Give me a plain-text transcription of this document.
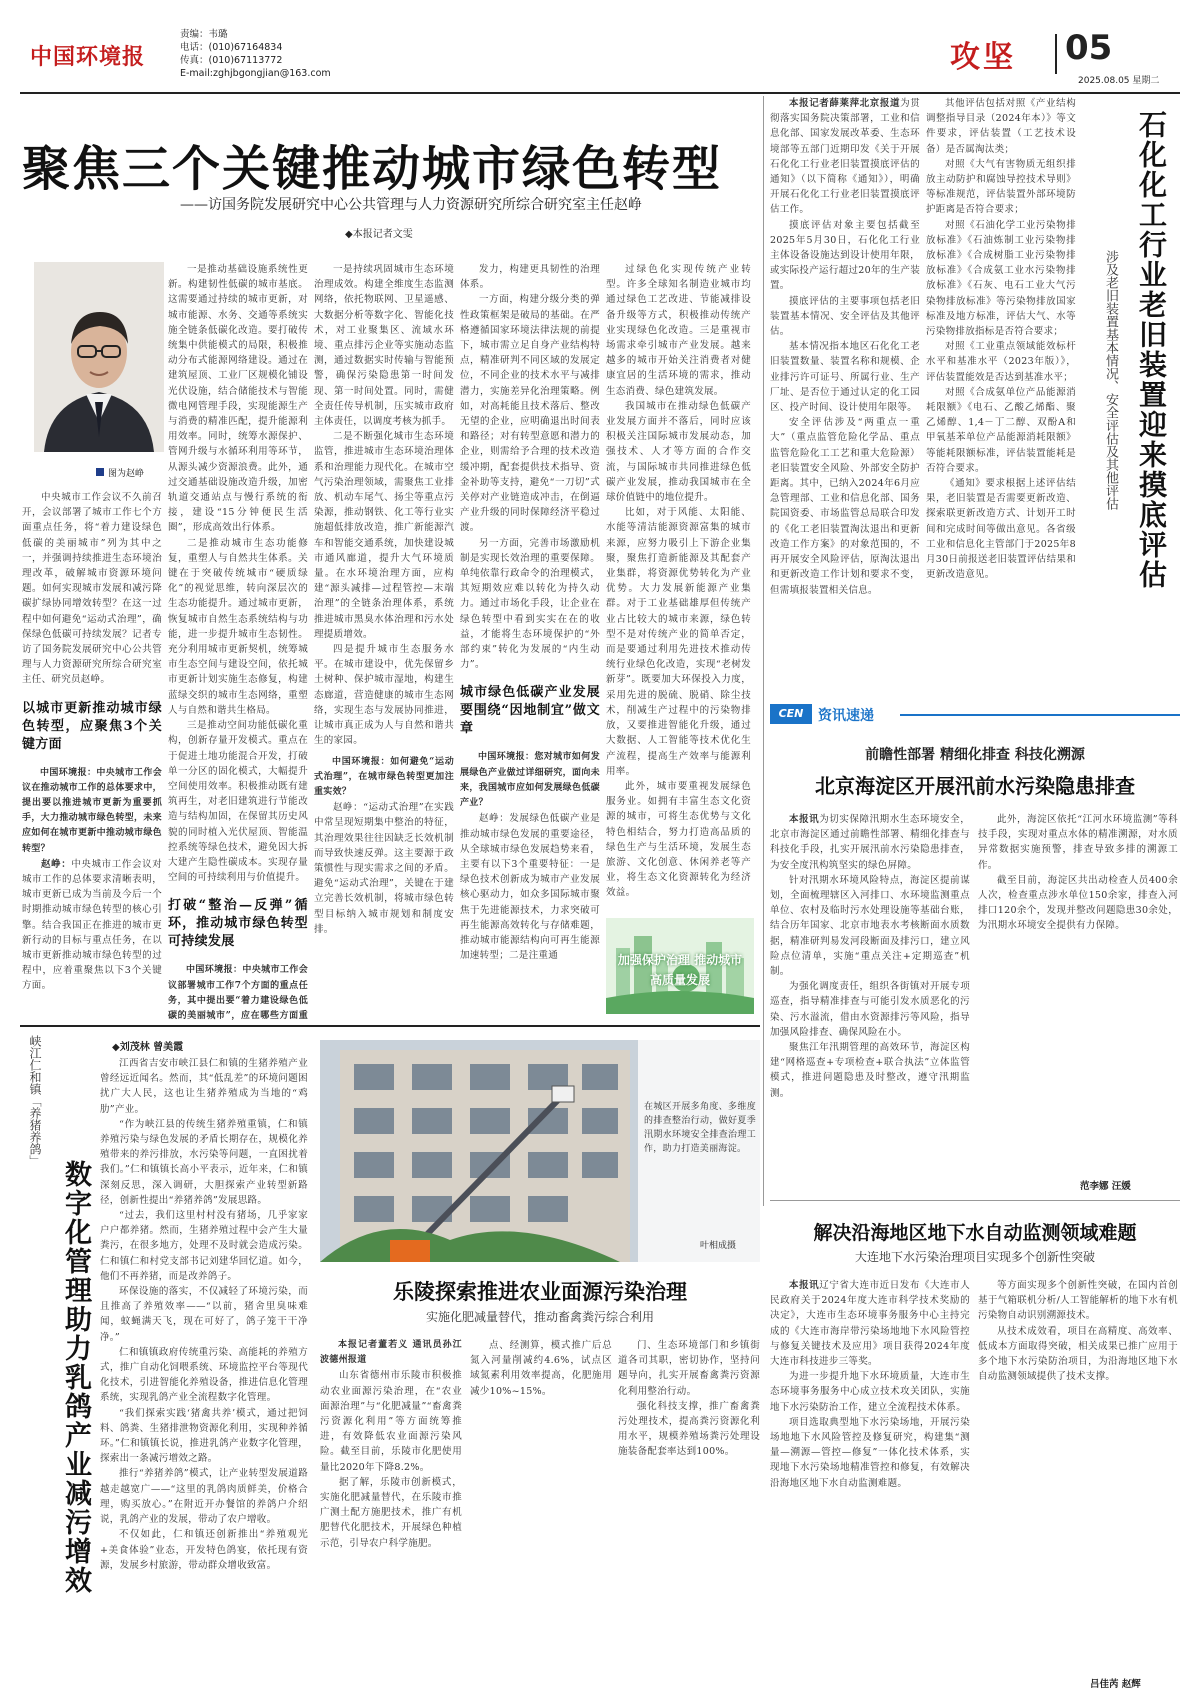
中国环境报
责编：韦璐
电话：(010)67164834
传真：(010)67113772
E-mail:zghjbgongjian@163.com	攻坚 05
2025.08.05 星期二
聚焦三个关键推动城市绿色转型
——访国务院发展研究中心公共管理与人力资源研究所综合研究室主任赵峥
◆本报记者文雯
图为赵峥

中央城市工作会议不久前召开，会议部署了城市工作七个方面重点任务，将“着力建设绿色低碳的美丽城市”列为其中之一，并强调持续推进生态环境治理改革，破解城市资源环境问题。如何实现城市发展和减污降碳扩绿协同增效转型？在这一过程中如何避免“运动式治理”，确保绿色低碳可持续发展？记者专访了国务院发展研究中心公共管理与人力资源研究所综合研究室主任、研究员赵峥。

以城市更新推动城市绿色转型，应聚焦3个关键方面

中国环境报：中央城市工作会议在推动城市工作的总体要求中，提出要以推进城市更新为重要抓手，大力推动城市绿色转型，未来应如何在城市更新中推动城市绿色转型？

赵峥：中央城市工作会议对城市工作的总体要求清晰表明，城市更新已成为当前及今后一个时期推动城市绿色转型的核心引擎。结合我国正在推进的城市更新行动的目标与重点任务，在以城市更新推动城市绿色转型的过程中，应着重聚焦以下3个关键方面。

一是推动基础设施系统性更新。构建韧性低碳的城市基底。这需要通过持续的城市更新，对城市能源、水务、交通等系统实施全链条低碳化改造。要打破传统集中供能模式的局限，积极推动分布式能源网络建设。通过在建筑屋顶、工业厂区规模化铺设光伏设施，结合储能技术与智能微电网管理手段，实现能源生产与消费的精准匹配，提升能源利用效率。同时，统筹水源保护、管网升级与水循环利用等环节，从源头减少资源浪费。此外，通过交通基础设施改造升级，加密轨道交通站点与慢行系统的衔接，建设“15分钟便民生活圈”，形成高效出行体系。

二是推动城市生态功能修复，重塑人与自然共生体系。关键在于突破传统城市“硬质绿化”的视觉思维，转向深层次的生态功能提升。通过城市更新，恢复城市自然生态系统结构与功能，进一步提升城市生态韧性。充分利用城市更新契机，统筹城市生态空间与建设空间，依托城市更新计划实施生态修复，构建蓝绿交织的城市生态网络，重塑人与自然和谐共生格局。

三是推动空间功能低碳化重构，创新存量开发模式。重点在于促进土地功能混合开发，打破单一分区的固化模式，大幅提升空间使用效率。积极推动既有建筑再生，对老旧建筑进行节能改造与结构加固，在保留其历史风貌的同时植入光伏屋顶、智能温控系统等绿色技术，避免因大拆大建产生隐性碳成本。实现存量空间的可持续利用与价值提升。

打破“整治—反弹”循环，推动城市绿色转型可持续发展

中国环境报：中央城市工作会议部署城市工作7个方面的重点任务，其中提出要“着力建设绿色低碳的美丽城市”，应在哪些方面重

一是持续巩固城市生态环境治理成效。构建全维度生态监测网络，依托物联网、卫星遥感、大数据分析等数字化、智能化技术，对工业聚集区、流域水环境、重点排污企业等实施动态监测，通过数据实时传输与智能预警，确保污染隐患第一时间发现、第一时间处置。同时，需健全责任传导机制，压实城市政府主体责任，以调度考核为抓手。

二是不断强化城市生态环境监管，推进城市生态环境治理体系和治理能力现代化。在城市空气污染治理领域，需聚焦工业排放、机动车尾气、扬尘等重点污染源，推动钢铁、化工等行业实施超低排放改造，推广新能源汽车和智能交通系统，加快建设城市通风廊道，提升大气环境质量。在水环境治理方面，应构建“源头减排—过程管控—末端治理”的全链条治理体系，系统推进城市黑臭水体治理和污水处理提质增效。

四是提升城市生态服务水平。在城市建设中，优先保留乡土树种、保护城市湿地，构建生态廊道，营造健康的城市生态网络，实现生态与发展协同推进，让城市真正成为人与自然和谐共生的家园。

中国环境报：如何避免“运动式治理”，在城市绿色转型更加注重实效？

赵峥：“运动式治理”在实践中常呈现短期集中整治的特征，其治理效果往往因缺乏长效机制而导致快速反弹。这主要源于政策惯性与现实需求之间的矛盾。避免“运动式治理”，关键在于建立完善长效机制，将城市绿色转型目标纳入城市规划和制度安排。

发力，构建更具韧性的治理体系。

一方面，构建分级分类的弹性政策框架是破局的基础。在严格遵循国家环境法律法规的前提下，城市需立足自身产业结构特点，精准研判不同区域的发展定位，不同企业的技术水平与减排潜力，实施差异化治理策略。例如，对高耗能且技术落后、整改无望的企业，应明确退出时间表和路径；对有转型意愿和潜力的企业，则需给予合理的技术改造缓冲期，配套提供技术指导、资金补助等支持，避免“一刀切”式关停对产业链造成冲击，在倒逼产业升级的同时保障经济平稳过渡。

另一方面，完善市场激励机制是实现长效治理的重要保障。单纯依靠行政命令的治理模式，其短期效应难以转化为持久动力。通过市场化手段，让企业在绿色转型中看到实实在在的收益，才能将生态环境保护的“外部约束”转化为发展的“内生动力”。

城市绿色低碳产业发展要围绕“因地制宜”做文章

中国环境报：您对城市如何发展绿色产业做过详细研究，面向未来，我国城市应如何发展绿色低碳产业？

赵峥：发展绿色低碳产业是推动城市绿色发展的重要途径，从全球城市绿色发展趋势来看，主要有以下3个重要特征：一是绿色技术创新成为城市产业发展核心驱动力，如众多国际城市聚焦于先进能源技术，力求突破可再生能源高效转化与存储难题，推动城市能源结构向可再生能源加速转型；二是注重通

过绿色化实现传统产业转型。许多全球知名制造业城市均通过绿色工艺改进、节能减排设备升级等方式，积极推动传统产业实现绿色化改造。三是重视市场需求牵引城市产业发展。越来越多的城市开始关注消费者对健康宜居的生活环境的需求，推动生态消费、绿色建筑发展。

我国城市在推动绿色低碳产业发展方面并不落后，同时应该积极关注国际城市发展动态，加强技术、人才等方面的合作交流，与国际城市共同推进绿色低碳产业发展，推动我国城市在全球价值链中的地位提升。

比如，对于风能、太阳能、水能等清洁能源资源富集的城市来源，应努力吸引上下游企业集聚，聚焦打造新能源及其配套产业集群，将资源优势转化为产业优势。大力发展新能源产业集群。对于工业基础雄厚但传统产业占比较大的城市来源，绿色转型不是对传统产业的简单否定，而是要通过利用先进技术推动传统行业绿色化改造，实现“老树发新芽”。既要加大环保投入力度，采用先进的脱硫、脱硝、除尘技术，削减生产过程中的污染物排放，又要推进智能化升级，通过大数据、人工智能等技术优化生产流程，提高生产效率与能源利用率。

此外，城市要重视发展绿色服务业。如拥有丰富生态文化资源的城市，可将生态优势与文化特色相结合，努力打造高品质的绿色生产与生活环境，发展生态旅游、文化创意、休闲养老等产业，将生态文化资源转化为经济效益。

加强保护治理 推动城市高质量发展
石化化工行业老旧装置迎来摸底评估
涉及老旧装置基本情况、安全评估及其他评估

本报记者薛莱萍北京报道为贯彻落实国务院决策部署，工业和信息化部、国家发展改革委、生态环境部等五部门近期印发《关于开展石化化工行业老旧装置摸底评估的通知》（以下简称《通知》），明确开展石化化工行业老旧装置摸底评估工作。

摸底评估对象主要包括截至2025年5月30日，石化化工行业主体设备设施达到设计使用年限，或实际投产运行超过20年的生产装置。

摸底评估的主要事项包括老旧装置基本情况、安全评估及其他评估。

基本情况指本地区石化化工老旧装置数量、装置名称和规模、企业排污许可证号、所属行业、生产厂址、是否位于通过认定的化工园区、投产时间、设计使用年限等。

安全评估涉及“两重点一重大”（重点监管危险化学品、重点监管危险化工工艺和重大危险源）老旧装置安全风险、外部安全防护距离。其中，已纳入2024年6月应急管理部、工业和信息化部、国务院国资委、市场监管总局联合印发的《化工老旧装置淘汰退出和更新改造工作方案》的对象范围的，不再开展安全风险评估，原淘汰退出和更新改造工作计划和要求不变，但需填报装置相关信息。

其他评估包括对照《产业结构调整指导目录（2024年本）》等文件要求，评估装置（工艺技术设备）是否属淘汰类；

对照《大气有害物质无组织排放主动防护和腐蚀导控技术导则》等标准规范，评估装置外部环境防护距离是否符合要求；

对照《石油化学工业污染物排放标准》《石油炼制工业污染物排放标准》《合成树脂工业污染物排放标准》《合成氨工业水污染物排放标准》《石灰、电石工业大气污染物排放标准》等污染物排放国家标准及地方标准，评估大气、水等污染物排放指标是否符合要求；

对照《工业重点领域能效标杆水平和基准水平（2023年版）》，评估装置能效是否达到基准水平；

对照《合成氨单位产品能源消耗限额》《电石、乙酸乙烯酯、聚乙烯醇、1,4－丁二醇、双酚A和甲氧基苯单位产品能源消耗限额》等能耗限额标准，评估装置能耗是否符合要求。

《通知》要求根据上述评估结果，老旧装置是否需要更新改造、探索联更新改造方式、计划开工时间和完成时间等做出意见。各省级工业和信息化主管部门于2025年8月30日前报送老旧装置评估结果和更新改造意见。

CEN	资讯速递
前瞻性部署 精细化排查 科技化溯源
北京海淀区开展汛前水污染隐患排查

本报讯为切实保障汛期水生态环境安全，北京市海淀区通过前瞻性部署、精细化排查与科技化手段，扎实开展汛前水污染隐患排查，为安全度汛构筑坚实的绿色屏障。

针对汛期水环境风险特点，海淀区提前谋划，全面梳理辖区入河排口、水环境监测重点单位、农村及临时污水处理设施等基础台账，结合历年国家、北京市地表水考核断面水质数据，精准研判易发河段断面及排污口，建立风险点位清单，实施“重点关注+定期巡查”机制。

为强化调度责任，组织各街镇对开展专项巡查，指导精准排查与可能引发水质恶化的污染、污水溢流，借由水资源排污等风险，指导加强风险排查、确保风险在小。

聚焦江年汛期管理的高效环节，海淀区构建“网格巡查+专项检查+联合执法”立体监管模式，推进问题隐患及时整改，遵守汛期监测。

此外，海淀区依托“江河水环境监测”等科技手段，实现对重点水体的精准溯源，对水质异常数据实施预警，排查导致多排的溯源工作。

截至目前，海淀区共出动检查人员400余人次，检查重点涉水单位150余家，排查入河排口120余个，发现并整改问题隐患30余处，为汛期水环境安全提供有力保障。

范李娜 汪媛
解决沿海地区地下水自动监测领域难题
大连地下水污染治理项目实现多个创新性突破

本报讯辽宁省大连市近日发布《大连市人民政府关于2024年度大连市科学技术奖励的决定》，大连市生态环境事务服务中心主持完成的《大连市海岸带污染场地地下水风险管控与修复关键技术及应用》项目获得2024年度大连市科技进步三等奖。

为进一步提升地下水环境质量，大连市生态环境事务服务中心成立技术攻关团队，实施地下水污染防治工作，建立全流程技术体系。

项目选取典型地下水污染场地，开展污染场地地下水风险管控及修复研究，构建集“测量—溯源—管控—修复”一体化技术体系，实现地下水污染场地精准管控和修复，有效解决沿海地区地下水自动监测难题。

等方面实现多个创新性突破，在国内首创基于气箱联机分析/人工智能解析的地下水有机污染物自动识别溯源技术。

从技术成效看，项目在高精度、高效率、低成本方面取得突破，相关成果已推广应用于多个地下水污染防治项目，为沿海地区地下水自动监测领域提供了技术支撑。

吕佳芮 赵辉
峡江仁和镇「养猪养鸽」
数字化管理助力乳鸽产业减污增效
◆刘茂林 曾美霞

江西省吉安市峡江县仁和镇的生猪养殖产业曾经远近闻名。然而，其“低乱差”的环境问题困扰广大人民，这也让生猪养殖成为当地的“鸡肋”产业。

“作为峡江县的传统生猪养殖重镇，仁和镇养殖污染与绿色发展的矛盾长期存在，规模化养殖带来的养污排放，水污染等问题，一直困扰着我们。”仁和镇镇长高小平表示，近年来，仁和镇深刻反思，深入调研，大胆探索产业转型新路径，创新性提出“养猪养鸽”发展思路。

“过去，我们这里村村没有猪场，几乎家家户户都养猪。然而，生猪养殖过程中会产生大量粪污，在很多地方，处理不及时就会造成污染。仁和镇仁和村党支部书记刘建华回忆道。如今，他们不再养猪，而是改养鸽子。

环保设施的落实，不仅减轻了环境污染，而且推高了养殖效率——“以前，猪舍里臭味难闻，蚊蝇满天飞，现在可好了，鸽子笼干干净净。”

仁和镇镇政府传统重污染、高能耗的养殖方式，推广自动化饲喂系统、环境监控平台等现代化技术，引进智能化养殖设备，推进信息化管理系统，实现乳鸽产业全流程数字化管理。

“我们探索实践‘猪禽共养’模式，通过把饲料、鸽粪、生猪排泄物资源化利用，实现种养循环。”仁和镇镇长说，推进乳鸽产业数字化管理，探索出一条减污增效之路。

推行“养猪养鸽”模式，让产业转型发展道路越走越宽广——“这里的乳鸽肉质鲜美，价格合理，购买放心。”在附近开办餐馆的养鸽户介绍说，乳鸽产业的发展，带动了农户增收。

不仅如此，仁和镇还创新推出“养殖观光+美食体验”业态，开发特色鸽宴，依托现有资源，发展乡村旅游，带动群众增收致富。

在城区开展多角度、多维度的排查整治行动，做好夏季汛期水环境安全排查治理工作，助力打造美丽海淀。
叶相成摄
乐陵探索推进农业面源污染治理
实施化肥减量替代，推动畜禽粪污综合利用

本报记者董若义 通讯员孙江波德州报道

山东省德州市乐陵市积极推动农业面源污染治理，在“农业面源治理”与“化肥减量”“畜禽粪污资源化利用”等方面统筹推进，有效降低农业面源污染风险。截至目前，乐陵市化肥使用量比2020年下降8.2%。

据了解，乐陵市创新模式，实施化肥减量替代，在乐陵市推广测土配方施肥技术，推广有机肥替代化肥技术，开展绿色种植示范，引导农户科学施肥。

点、经测算，模式推广后总氮入河量削减约4.6%，试点区域氮素利用效率提高，化肥施用减少10%~15%。

门、生态环境部门和乡镇街道各司其职，密切协作，坚持问题导向，扎实开展畜禽粪污资源化利用整治行动。

强化科技支撑，推广畜禽粪污处理技术，提高粪污资源化利用水平，规模养殖场粪污处理设施装备配套率达到100%。
